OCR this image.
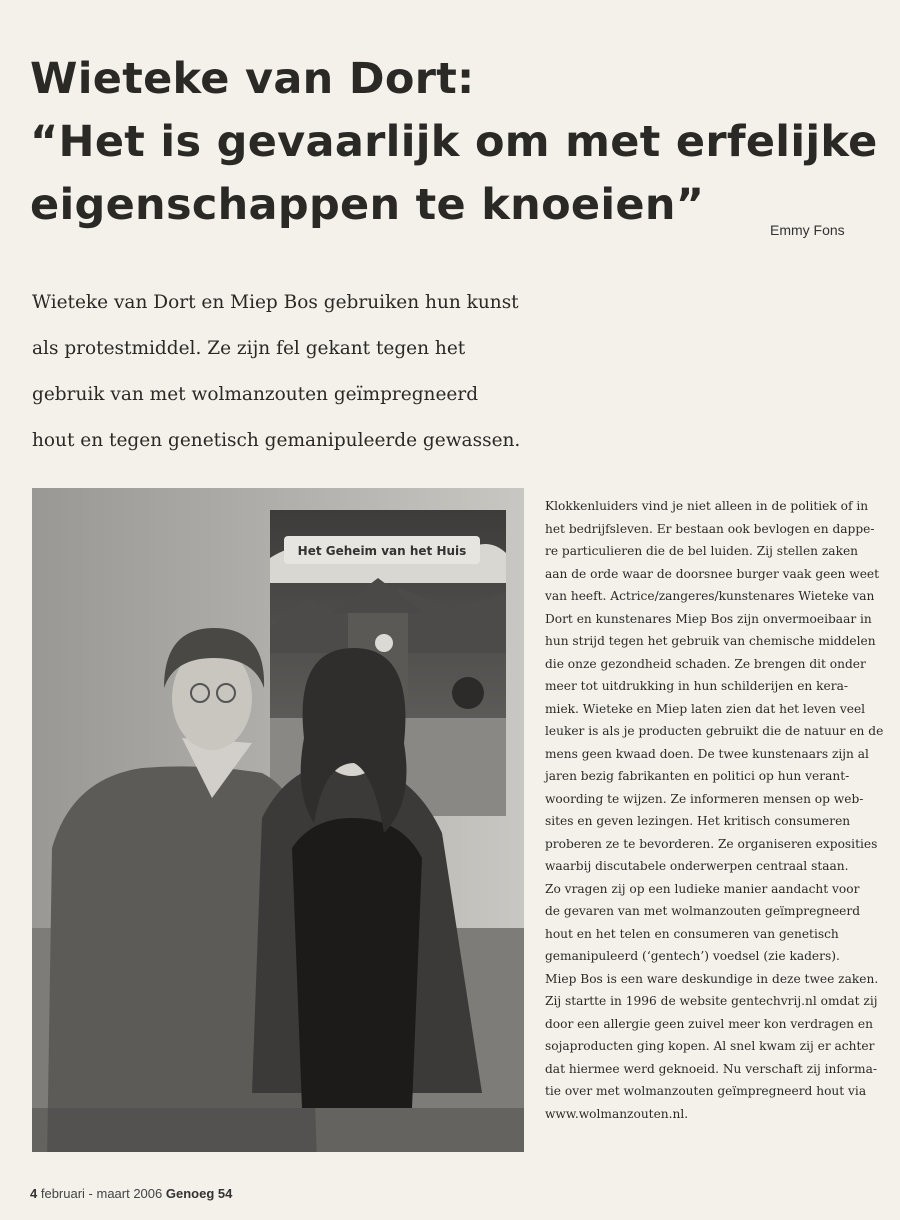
Wieteke van Dort:
“Het is gevaarlijk om met erfelijke
eigenschappen te knoeien”	Emmy Fons

Wieteke van Dort en Miep Bos gebruiken hun kunst
als protestmiddel. Ze zijn fel gekant tegen het
gebruik van met wolmanzouten geïmpregneerd
hout en tegen genetisch gemanipuleerde gewassen.

Het Geheim van het Huis

Klokkenluiders vind je niet alleen in de politiek of in
het bedrijfsleven. Er bestaan ook bevlogen en dappe-
re particulieren die de bel luiden. Zij stellen zaken
aan de orde waar de doorsnee burger vaak geen weet
van heeft. Actrice/zangeres/kunstenares Wieteke van
Dort en kunstenares Miep Bos zijn onvermoeibaar in
hun strijd tegen het gebruik van chemische middelen
die onze gezondheid schaden. Ze brengen dit onder
meer tot uitdrukking in hun schilderijen en kera-
miek. Wieteke en Miep laten zien dat het leven veel
leuker is als je producten gebruikt die de natuur en de
mens geen kwaad doen. De twee kunstenaars zijn al
jaren bezig fabrikanten en politici op hun verant-
woording te wijzen. Ze informeren mensen op web-
sites en geven lezingen. Het kritisch consumeren
proberen ze te bevorderen. Ze organiseren exposities
waarbij discutabele onderwerpen centraal staan.
Zo vragen zij op een ludieke manier aandacht voor
de gevaren van met wolmanzouten geïmpregneerd
hout en het telen en consumeren van genetisch
gemanipuleerd (‘gentech’) voedsel (zie kaders).
Miep Bos is een ware deskundige in deze twee zaken.
Zij startte in 1996 de website gentechvrij.nl omdat zij
door een allergie geen zuivel meer kon verdragen en
sojaproducten ging kopen. Al snel kwam zij er achter
dat hiermee werd geknoeid. Nu verschaft zij informa-
tie over met wolmanzouten geïmpregneerd hout via
www.wolmanzouten.nl.

4 februari - maart 2006 Genoeg 54
